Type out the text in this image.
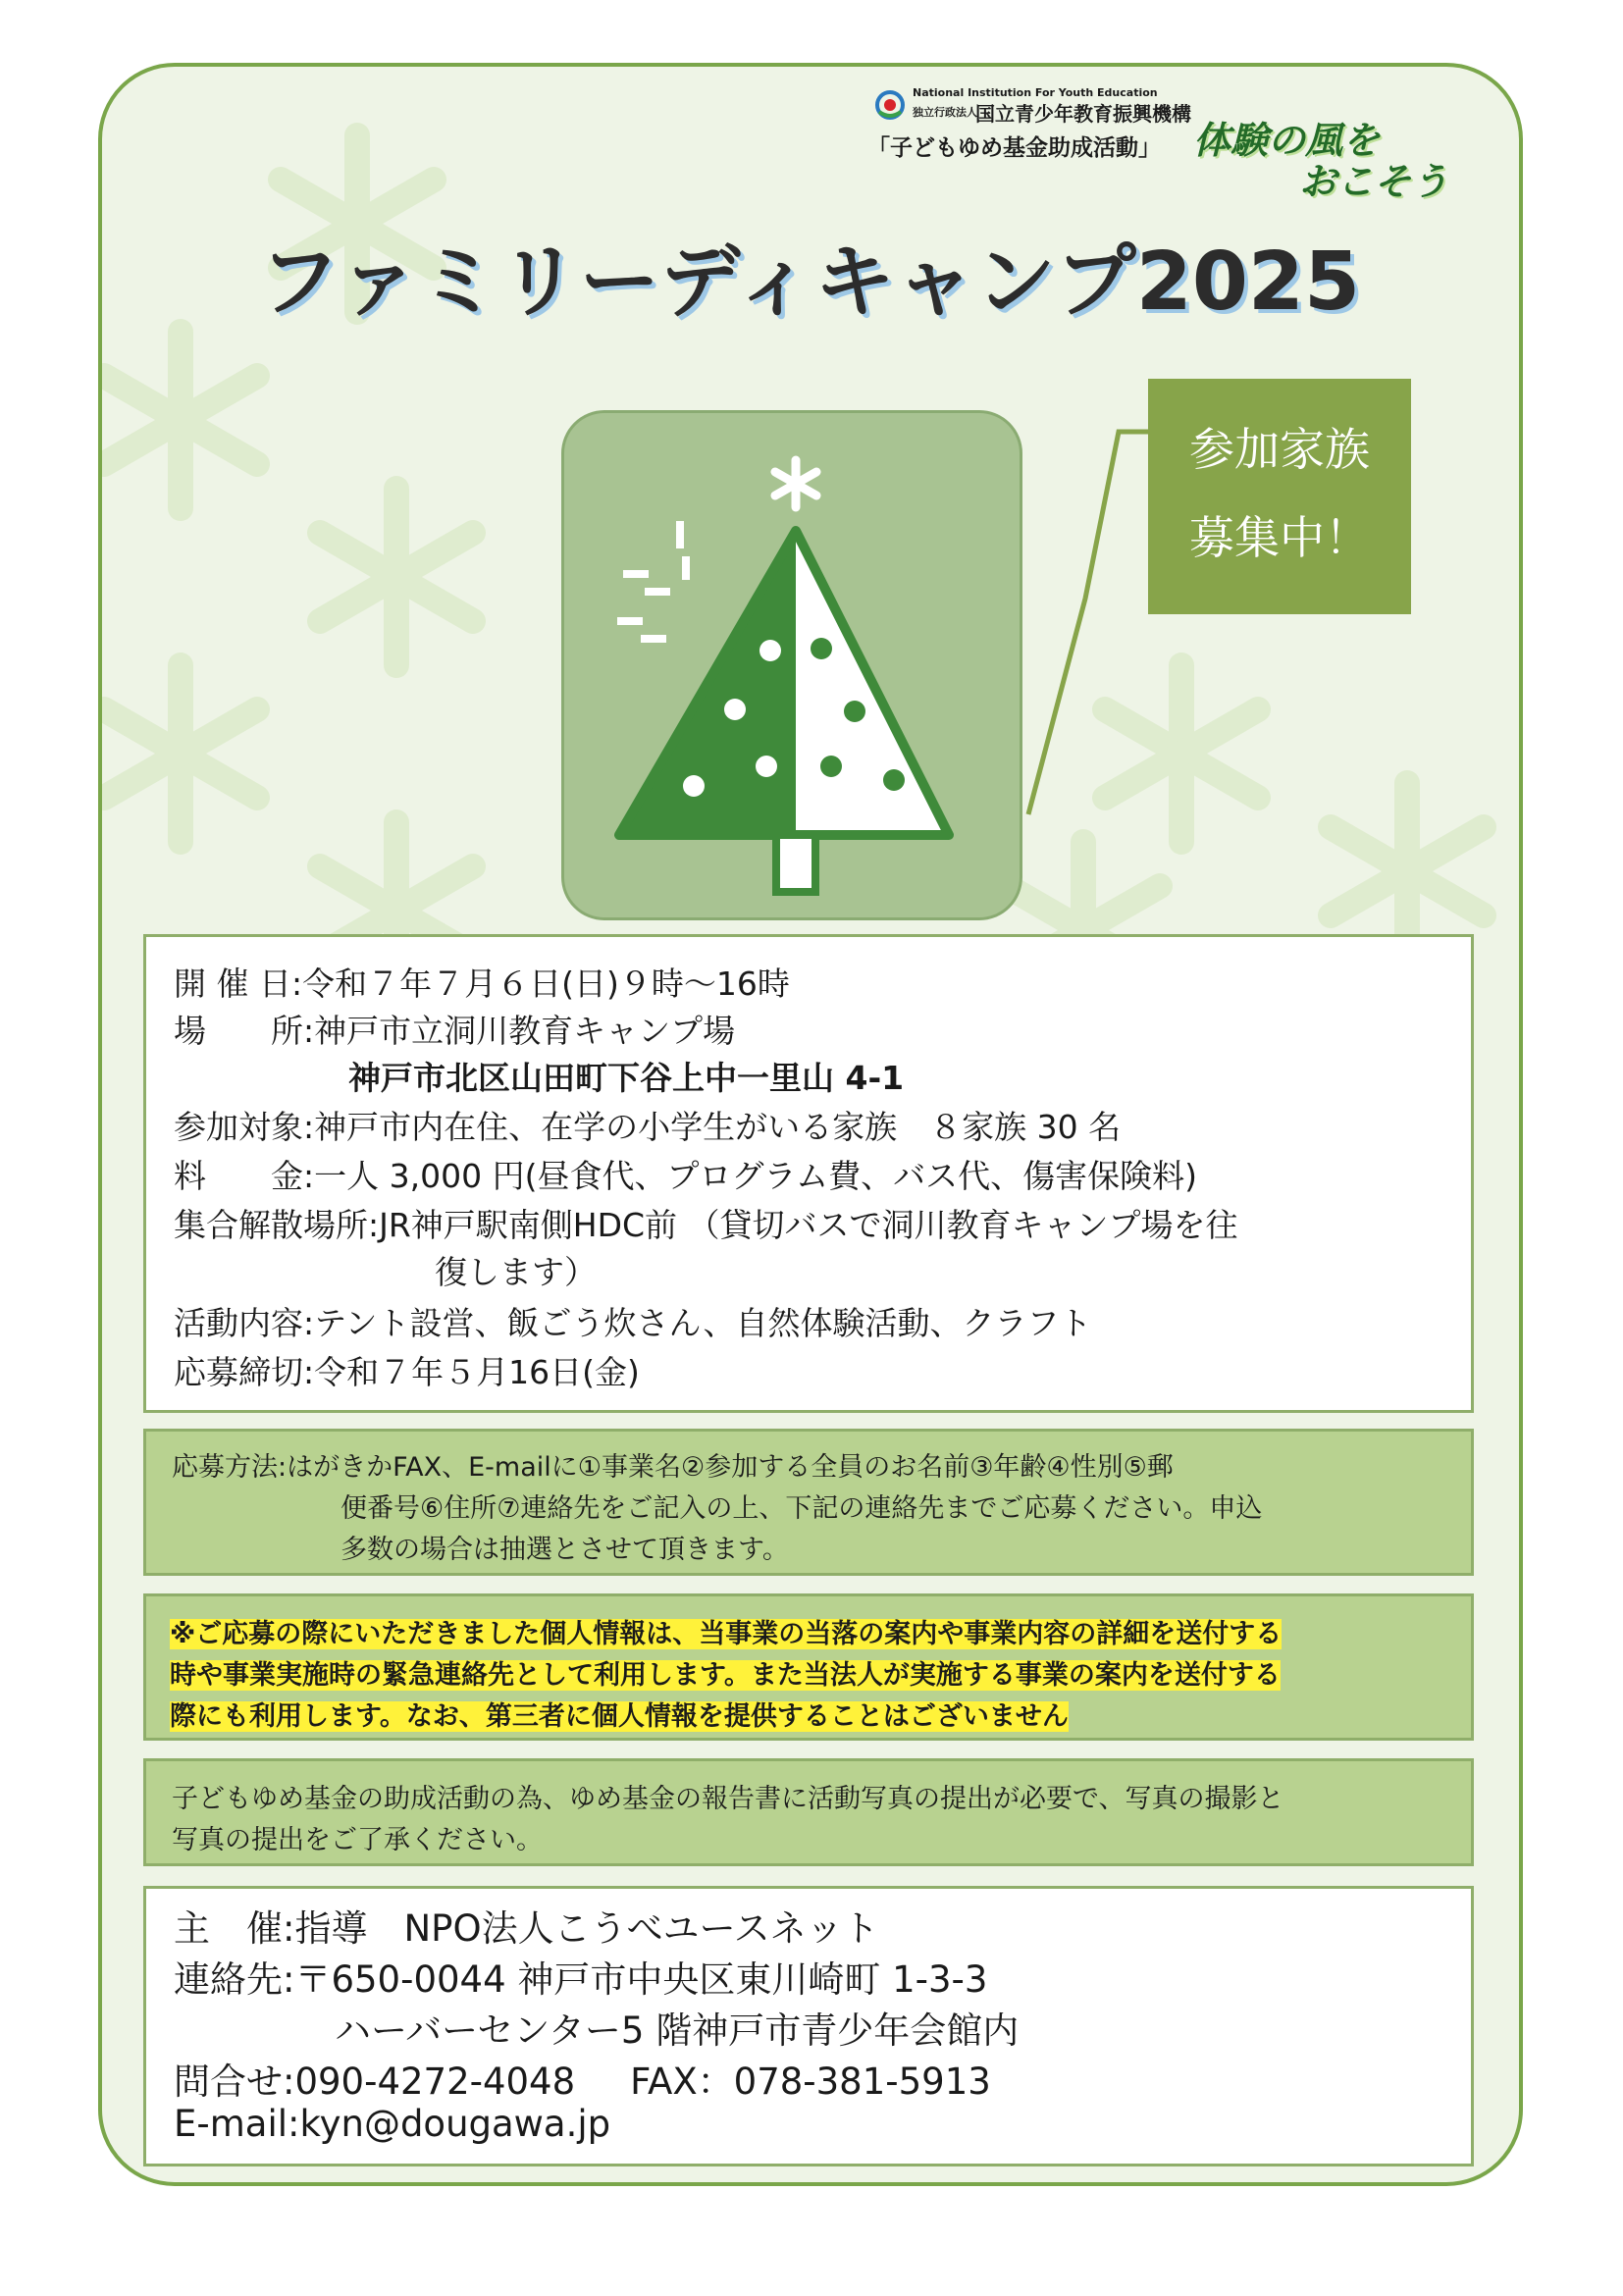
National Institution For Youth Education
独立行政法人
国立青少年教育振興機構
「子どもゆめ基金助成活動」 体験の風を
おこそう
ファミリーディキャンプ2025
参加家族
募集中！
開 催 日:令和７年７月６日(日)９時～16時
場　　所:神戸市立洞川教育キャンプ場
神戸市北区山田町下谷上中一里山 4-1
参加対象:神戸市内在住、在学の小学生がいる家族　８家族 30 名
料　　金:一人 3,000 円(昼食代、プログラム費、バス代、傷害保険料)
集合解散場所:JR神戸駅南側HDC前 （貸切バスで洞川教育キャンプ場を往
復します）
活動内容:テント設営、飯ごう炊さん、自然体験活動、クラフト
応募締切:令和７年５月16日(金)
応募方法:はがきかFAX、E-mailに①事業名②参加する全員のお名前③年齢④性別⑤郵
便番号⑥住所⑦連絡先をご記入の上、下記の連絡先までご応募ください。申込
多数の場合は抽選とさせて頂きます。
※ご応募の際にいただきました個人情報は、当事業の当落の案内や事業内容の詳細を送付する
時や事業実施時の緊急連絡先として利用します。また当法人が実施する事業の案内を送付する
際にも利用します。なお、第三者に個人情報を提供することはございません
子どもゆめ基金の助成活動の為、ゆめ基金の報告書に活動写真の提出が必要で、写真の撮影と
写真の提出をご了承ください。
主　催:指導　NPO法人こうべユースネット
連絡先:〒650-0044 神戸市中央区東川崎町 1-3-3
ハーバーセンター5 階神戸市青少年会館内
問合せ:090-4272-4048 FAX：078-381-5913
E-mail:kyn@dougawa.jp
